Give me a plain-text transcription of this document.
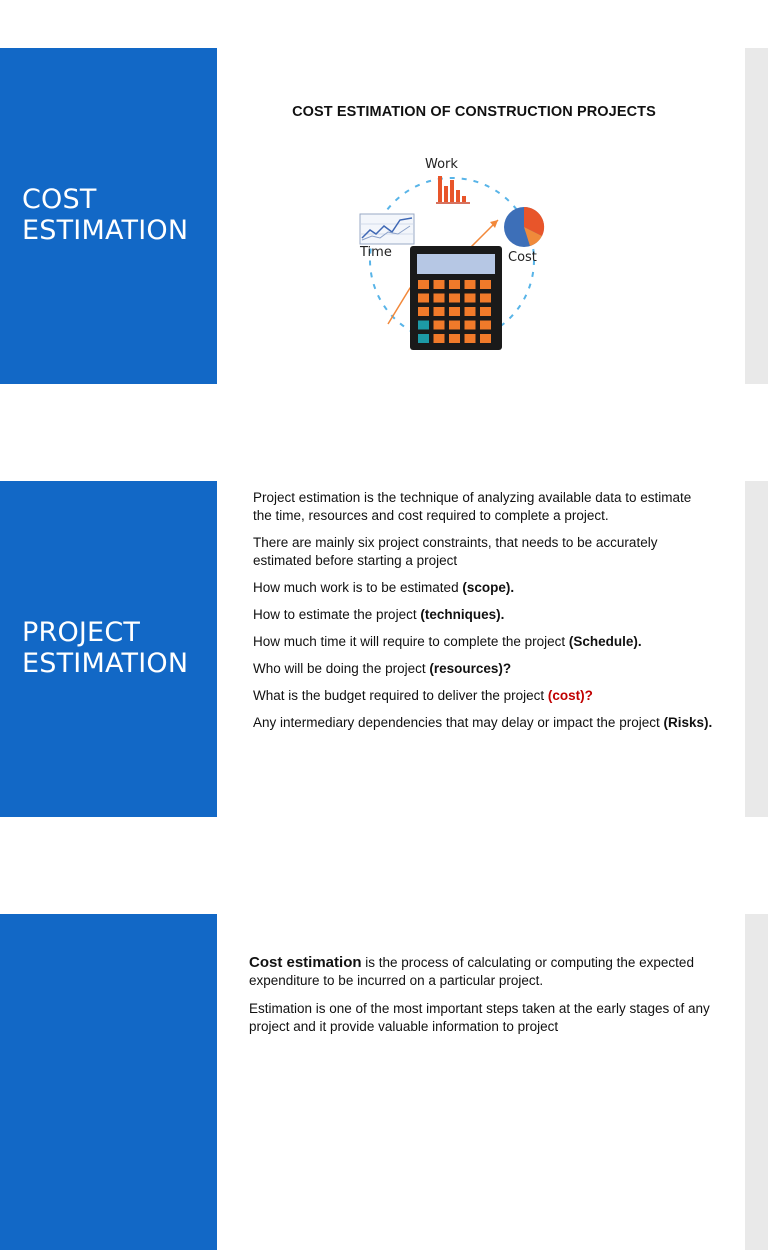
COST
ESTIMATION
COST ESTIMATION OF CONSTRUCTION PROJECTS
Work
Time	Cost
PROJECT
ESTIMATION

Project estimation is the technique of analyzing available data to estimate the time, resources and cost required to complete a project.

There are mainly six project constraints, that needs to be accurately estimated before starting a project

How much work is to be estimated (scope).

How to estimate the project (techniques).

How much time it will require to complete the project (Schedule).

Who will be doing the project (resources)?

What is the budget required to deliver the project (cost)?

Any intermediary dependencies that may delay or impact the project (Risks).

Cost estimation is the process of calculating or computing the expected expenditure to be incurred on a particular project.

Estimation is one of the most important steps taken at the early stages of any project and it provide valuable information to project
